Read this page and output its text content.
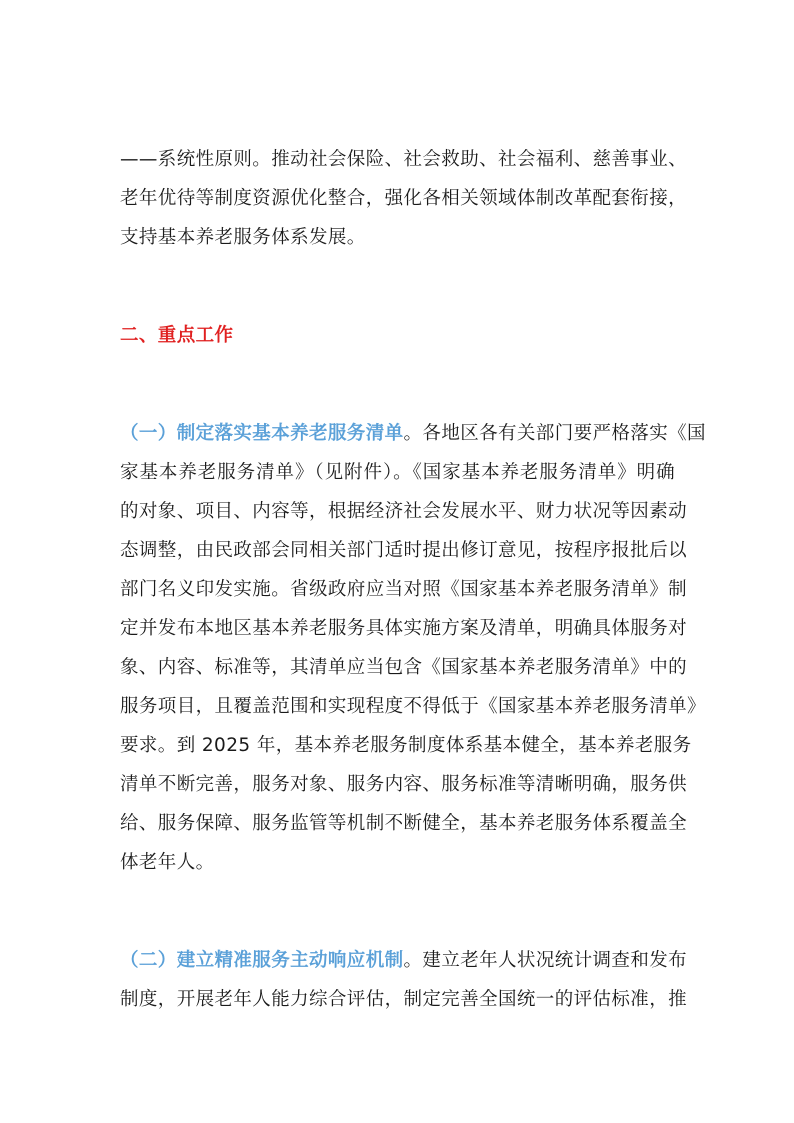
——系统性原则。推动社会保险、社会救助、社会福利、慈善事业、
老年优待等制度资源优化整合，强化各相关领域体制改革配套衔接，
支持基本养老服务体系发展。

二、重点工作

（一）制定落实基本养老服务清单。各地区各有关部门要严格落实《国
家基本养老服务清单》（见附件）。《国家基本养老服务清单》明确
的对象、项目、内容等，根据经济社会发展水平、财力状况等因素动
态调整，由民政部会同相关部门适时提出修订意见，按程序报批后以
部门名义印发实施。省级政府应当对照《国家基本养老服务清单》制
定并发布本地区基本养老服务具体实施方案及清单，明确具体服务对
象、内容、标准等，其清单应当包含《国家基本养老服务清单》中的
服务项目，且覆盖范围和实现程度不得低于《国家基本养老服务清单》
要求。到 2025 年，基本养老服务制度体系基本健全，基本养老服务
清单不断完善，服务对象、服务内容、服务标准等清晰明确，服务供
给、服务保障、服务监管等机制不断健全，基本养老服务体系覆盖全
体老年人。

（二）建立精准服务主动响应机制。建立老年人状况统计调查和发布
制度，开展老年人能力综合评估，制定完善全国统一的评估标准，推
